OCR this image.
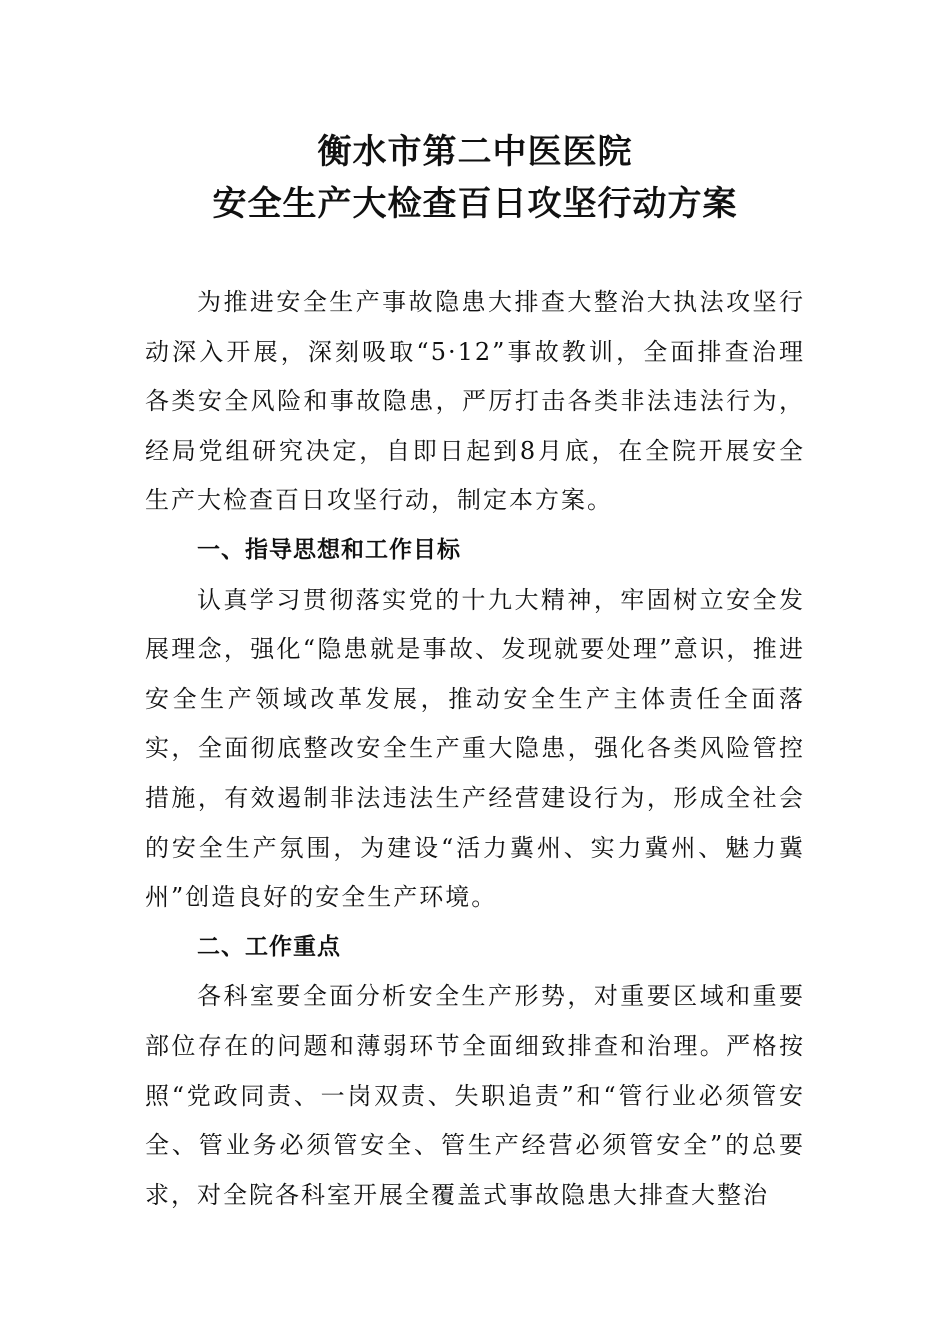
衡水市第二中医医院
安全生产大检查百日攻坚行动方案

为推进安全生产事故隐患大排查大整治大执法攻坚行动深入开展，深刻吸取“5·12”事故教训，全面排查治理各类安全风险和事故隐患，严厉打击各类非法违法行为，经局党组研究决定，自即日起到8月底，在全院开展安全生产大检查百日攻坚行动，制定本方案。

一、指导思想和工作目标

认真学习贯彻落实党的十九大精神，牢固树立安全发展理念，强化“隐患就是事故、发现就要处理”意识，推进安全生产领域改革发展，推动安全生产主体责任全面落实，全面彻底整改安全生产重大隐患，强化各类风险管控措施，有效遏制非法违法生产经营建设行为，形成全社会的安全生产氛围，为建设“活力冀州、实力冀州、魅力冀州”创造良好的安全生产环境。

二、工作重点

各科室要全面分析安全生产形势，对重要区域和重要部位存在的问题和薄弱环节全面细致排查和治理。严格按照“党政同责、一岗双责、失职追责”和“管行业必须管安全、管业务必须管安全、管生产经营必须管安全”的总要求，对全院各科室开展全覆盖式事故隐患大排查大整治
